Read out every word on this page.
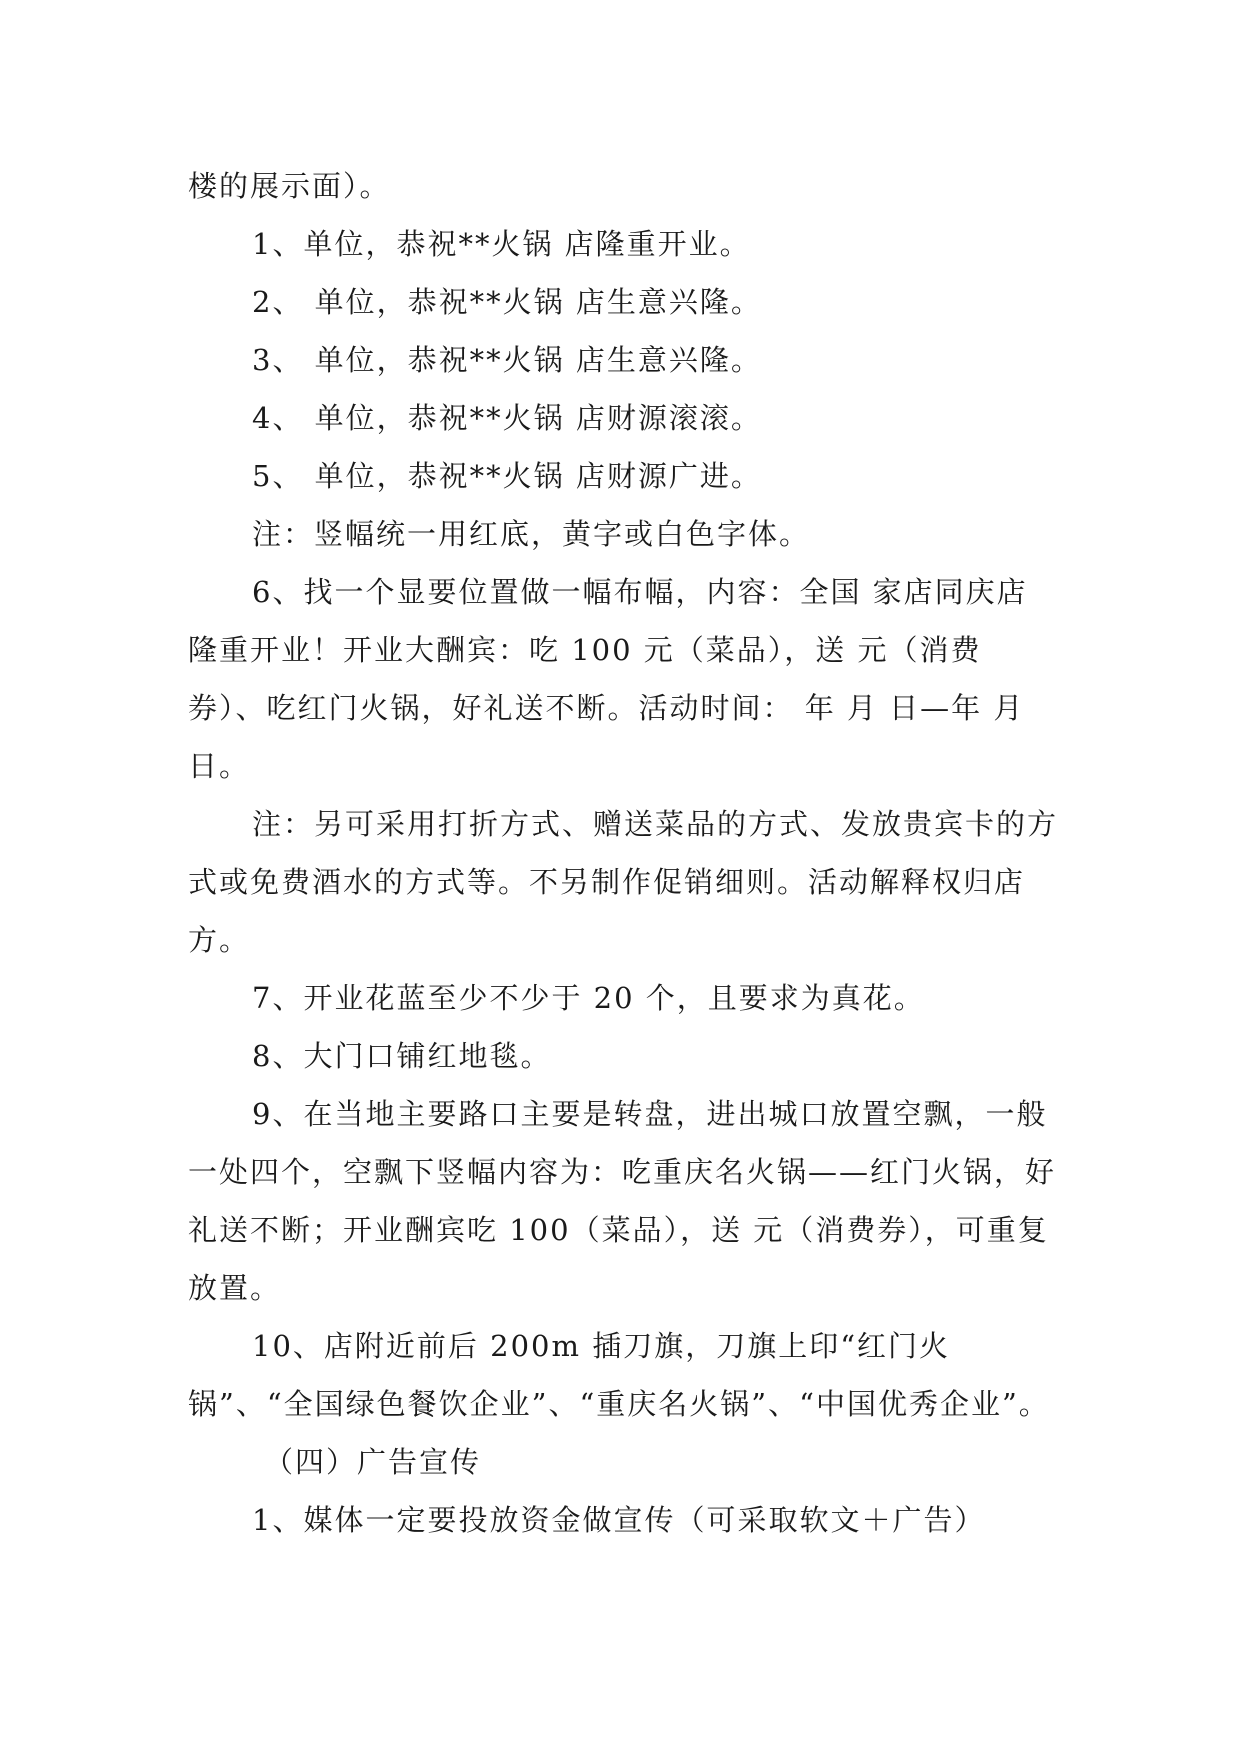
楼的展示面）。

1、单位，恭祝**火锅 店隆重开业。

2、 单位，恭祝**火锅 店生意兴隆。

3、 单位，恭祝**火锅 店生意兴隆。

4、 单位，恭祝**火锅 店财源滚滚。

5、 单位，恭祝**火锅 店财源广进。

注：竖幅统一用红底，黄字或白色字体。

6、找一个显要位置做一幅布幅，内容：全国 家店同庆店隆重开业！开业大酬宾：吃 100 元（菜品），送 元（消费券）、吃红门火锅，好礼送不断。活动时间： 年 月 日—年 月 日。

注：另可采用打折方式、赠送菜品的方式、发放贵宾卡的方式或免费酒水的方式等。不另制作促销细则。活动解释权归店方。

7、开业花蓝至少不少于 20 个，且要求为真花。

8、大门口铺红地毯。

9、在当地主要路口主要是转盘，进出城口放置空飘，一般一处四个，空飘下竖幅内容为：吃重庆名火锅——红门火锅，好礼送不断；开业酬宾吃 100（菜品），送 元（消费券），可重复放置。

10、店附近前后 200m 插刀旗，刀旗上印“红门火锅”、“全国绿色餐饮企业”、“重庆名火锅”、“中国优秀企业”。

（四）广告宣传

1、媒体一定要投放资金做宣传（可采取软文＋广告）
